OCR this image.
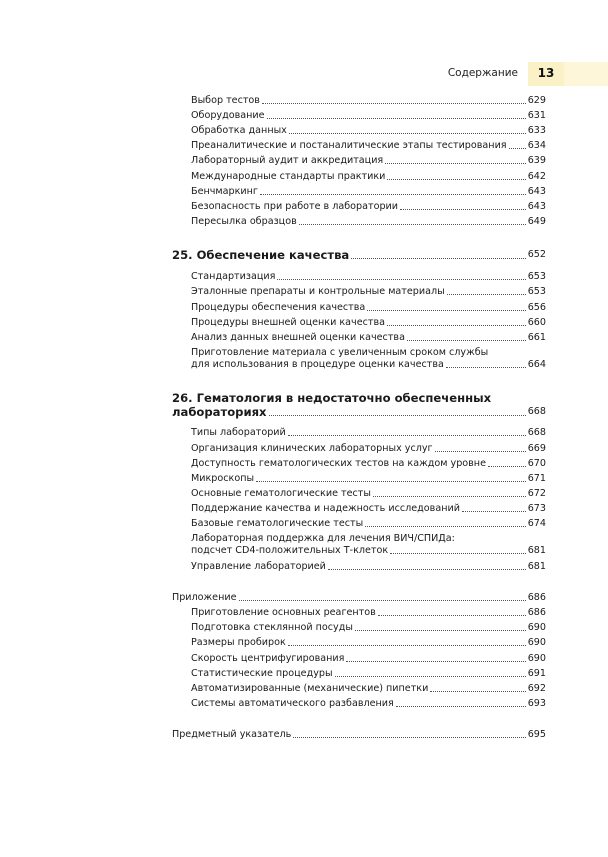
Содержание	13
Выбор тестов	629
Оборудование	631
Обработка данных	633
Преаналитические и постаналитические этапы тестирования 634
Лабораторный аудит и аккредитация	639
Международные стандарты практики	642
Бенчмаркинг	643
Безопасность при работе в лаборатории	643
Пересылка образцов	649
25. Обеспечение качества	652
Стандартизация	653
Эталонные препараты и контрольные материалы	653
Процедуры обеспечения качества	656
Процедуры внешней оценки качества	660
Анализ данных внешней оценки качества	661
Приготовление материала с увеличенным сроком службы
для использования в процедуре оценки качества	664
26. Гематология в недостаточно обеспеченных
лабораториях	668
Типы лабораторий	668
Организация клинических лабораторных услуг	669
Доступность гематологических тестов на каждом уровне	670
Микроскопы	671
Основные гематологические тесты	672
Поддержание качества и надежность исследований	673
Базовые гематологические тесты	674
Лабораторная поддержка для лечения ВИЧ/СПИДа:
подсчет CD4-положительных Т-клеток	681
Управление лабораторией	681
Приложение	686
Приготовление основных реагентов	686
Подготовка стеклянной посуды	690
Размеры пробирок	690
Скорость центрифугирования	690
Статистические процедуры	691
Автоматизированные (механические) пипетки	692
Системы автоматического разбавления	693
Предметный указатель	695
